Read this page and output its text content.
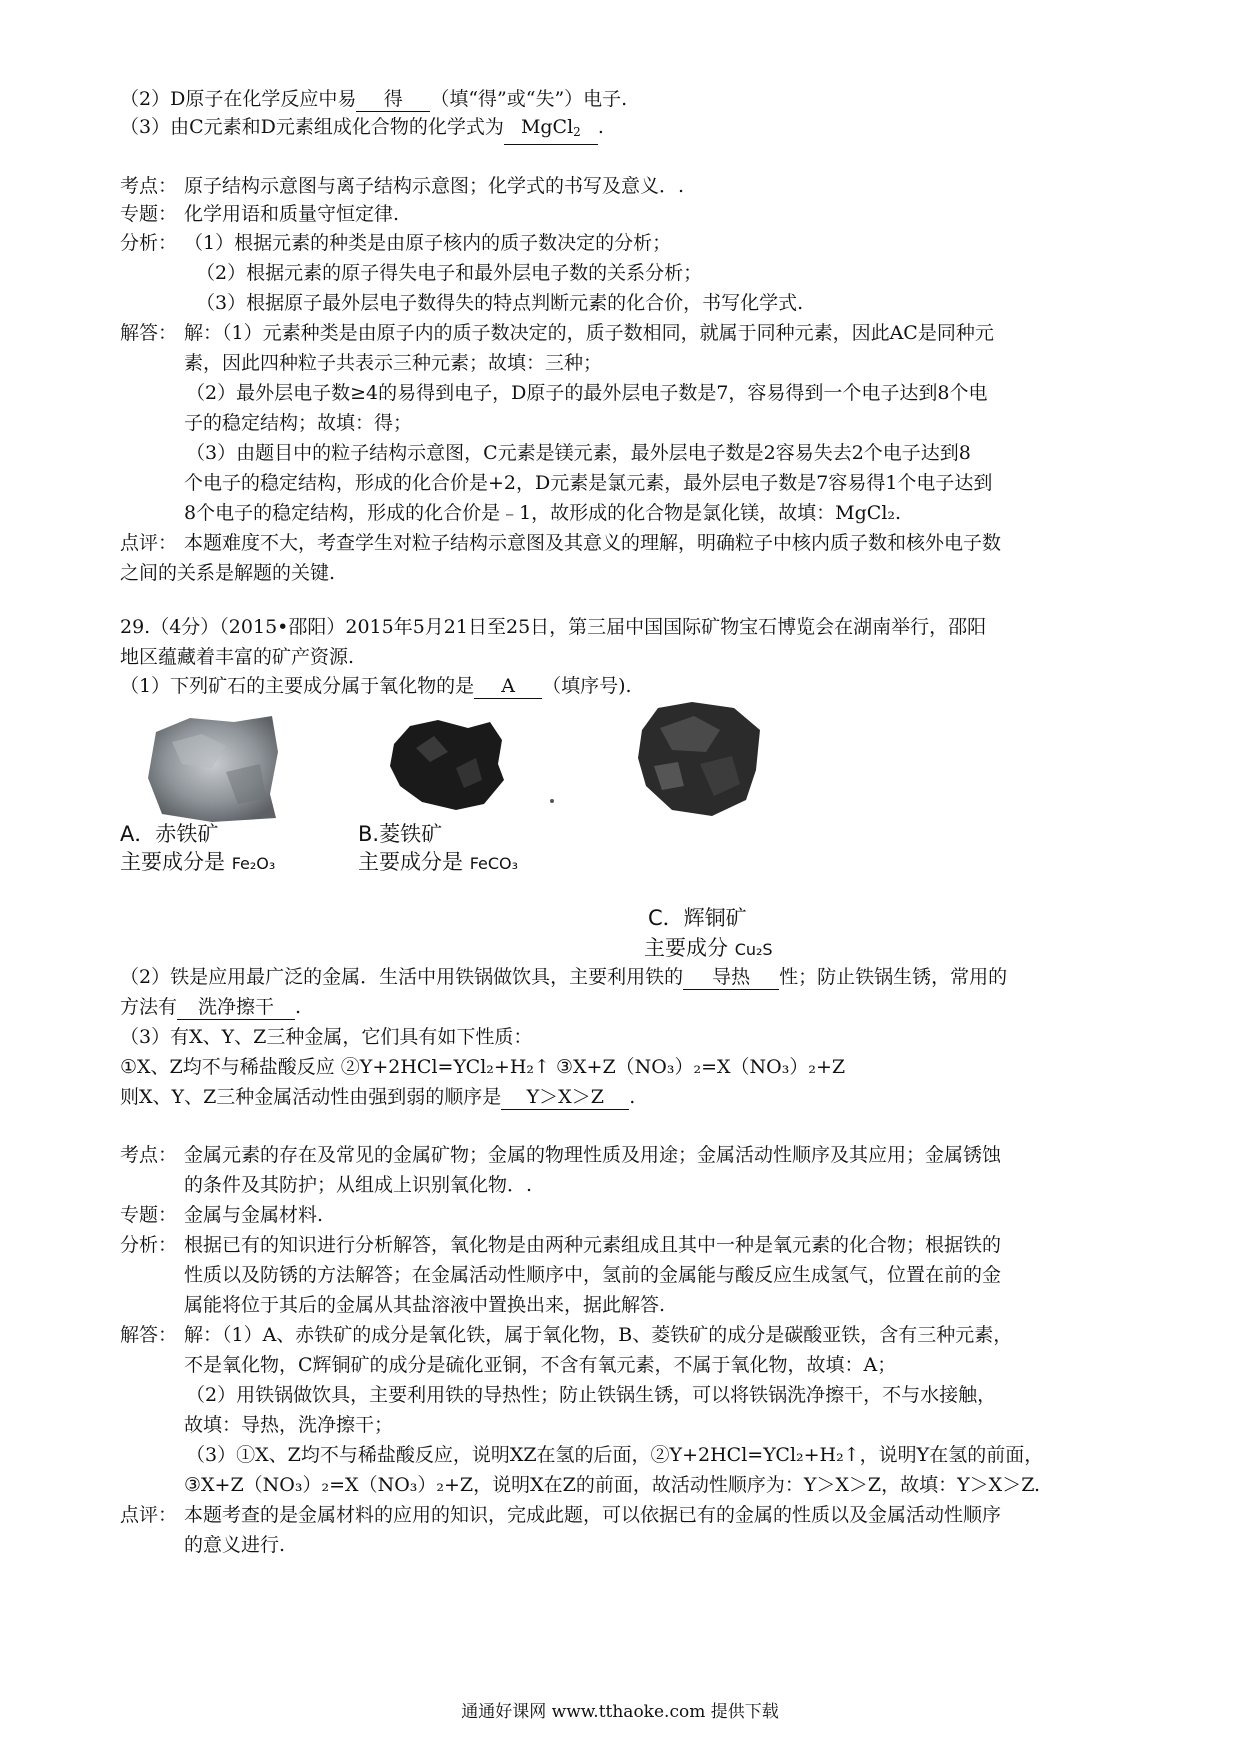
（2）D原子在化学反应中易 得 （填“得”或“失”）电子.
（3）由C元素和D元素组成化合物的化学式为 MgCl$_2$ .
考点： 原子结构示意图与离子结构示意图；化学式的书写及意义．.
专题： 化学用语和质量守恒定律.
分析： （1）根据元素的种类是由原子核内的质子数决定的分析；
（2）根据元素的原子得失电子和最外层电子数的关系分析；
（3）根据原子最外层电子数得失的特点判断元素的化合价，书写化学式.
解答： 解：（1）元素种类是由原子内的质子数决定的，质子数相同，就属于同种元素，因此AC是同种元
素，因此四种粒子共表示三种元素；故填：三种；
（2）最外层电子数≥4的易得到电子，D原子的最外层电子数是7，容易得到一个电子达到8个电
子的稳定结构；故填：得；
（3）由题目中的粒子结构示意图，C元素是镁元素，最外层电子数是2容易失去2个电子达到8
个电子的稳定结构，形成的化合价是+2，D元素是氯元素，最外层电子数是7容易得1个电子达到
8个电子的稳定结构，形成的化合价是﹣1，故形成的化合物是氯化镁，故填：MgCl₂.
点评： 本题难度不大，考查学生对粒子结构示意图及其意义的理解，明确粒子中核内质子数和核外电子数
之间的关系是解题的关键.
29.（4分）（2015•邵阳）2015年5月21日至25日，第三届中国国际矿物宝石博览会在湖南举行，邵阳
地区蕴藏着丰富的矿产资源.
（1）下列矿石的主要成分属于氧化物的是 A （填序号).
A．赤铁矿
主要成分是 Fe₂O₃
B.菱铁矿
主要成分是 FeCO₃
C．辉铜矿
主要成分 Cu₂S
（2）铁是应用最广泛的金属．生活中用铁锅做饮具，主要利用铁的 导热 性；防止铁锅生锈，常用的
方法有 洗净擦干 .
（3）有X、Y、Z三种金属，它们具有如下性质：
①X、Z均不与稀盐酸反应 ②Y+2HCl=YCl₂+H₂↑ ③X+Z（NO₃）₂=X（NO₃）₂+Z
则X、Y、Z三种金属活动性由强到弱的顺序是 Y＞X＞Z .
考点： 金属元素的存在及常见的金属矿物；金属的物理性质及用途；金属活动性顺序及其应用；金属锈蚀
的条件及其防护；从组成上识别氧化物．.
专题： 金属与金属材料.
分析： 根据已有的知识进行分析解答，氧化物是由两种元素组成且其中一种是氧元素的化合物；根据铁的
性质以及防锈的方法解答；在金属活动性顺序中，氢前的金属能与酸反应生成氢气，位置在前的金
属能将位于其后的金属从其盐溶液中置换出来，据此解答.
解答： 解：（1）A、赤铁矿的成分是氧化铁，属于氧化物，B、菱铁矿的成分是碳酸亚铁，含有三种元素，
不是氧化物，C辉铜矿的成分是硫化亚铜，不含有氧元素，不属于氧化物，故填：A；
（2）用铁锅做饮具，主要利用铁的导热性；防止铁锅生锈，可以将铁锅洗净擦干，不与水接触，
故填：导热，洗净擦干；
（3）①X、Z均不与稀盐酸反应，说明XZ在氢的后面，②Y+2HCl=YCl₂+H₂↑，说明Y在氢的前面，
③X+Z（NO₃）₂=X（NO₃）₂+Z，说明X在Z的前面，故活动性顺序为：Y＞X＞Z，故填：Y＞X＞Z.
点评： 本题考查的是金属材料的应用的知识，完成此题，可以依据已有的金属的性质以及金属活动性顺序
的意义进行.
通通好课网 www.tthaoke.com 提供下载
